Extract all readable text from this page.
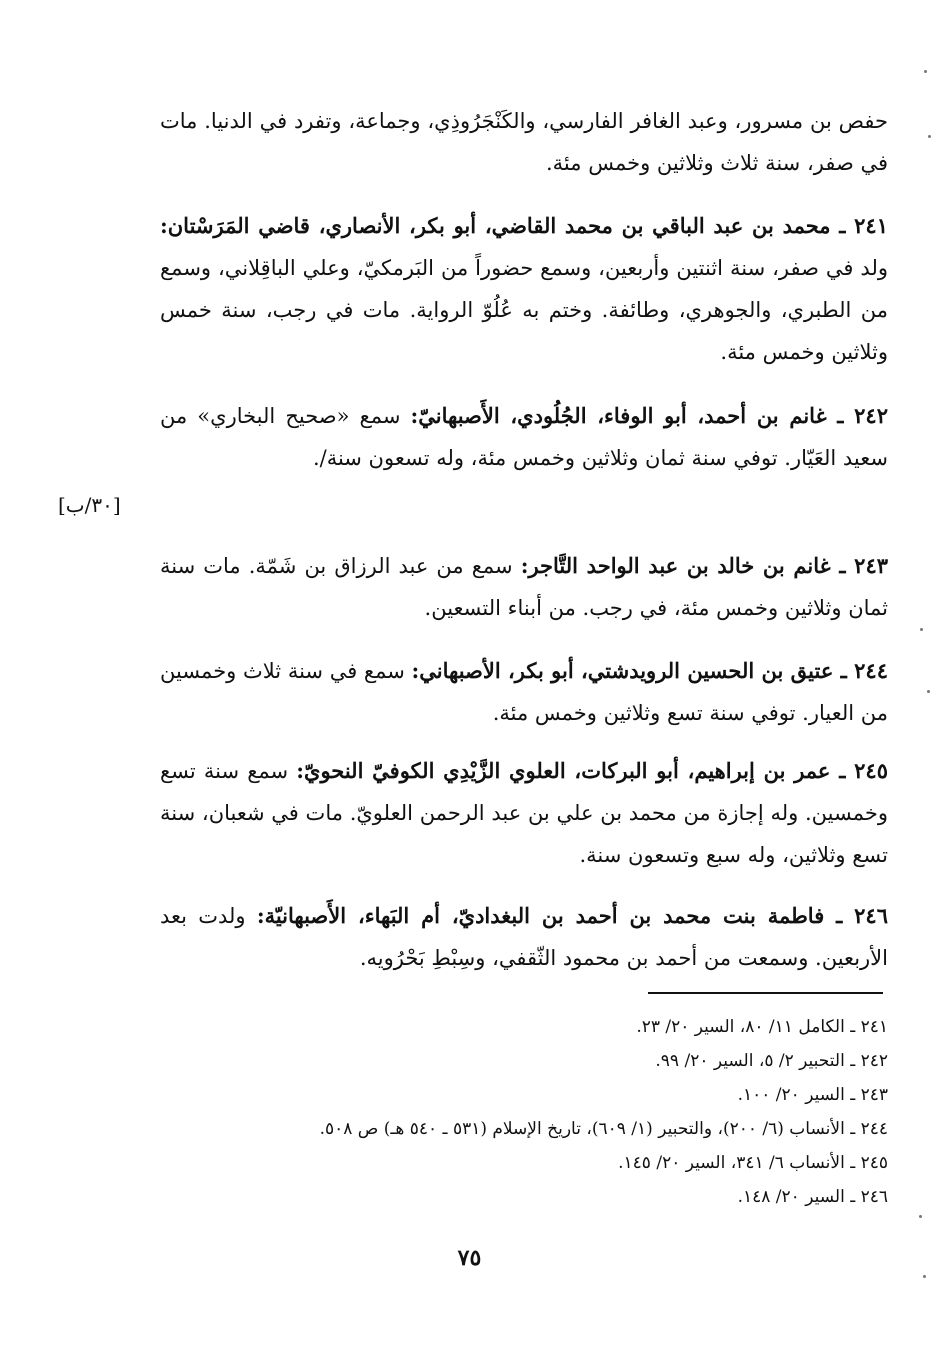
حفص بن مسرور، وعبد الغافر الفارسي، والكَنْجَرُوذِي، وجماعة، وتفرد في الدنيا. مات في صفر، سنة ثلاث وثلاثين وخمس مئة.

٢٤١ ـ محمد بن عبد الباقي بن محمد القاضي، أبو بكر، الأنصاري، قاضي المَرَسْتان: ولد في صفر، سنة اثنتين وأربعين، وسمع حضوراً من البَرمكيّ، وعلي الباقِلاني، وسمع من الطبري، والجوهري، وطائفة. وختم به عُلُوّ الرواية. مات في رجب، سنة خمس وثلاثين وخمس مئة.

٢٤٢ ـ غانم بن أحمد، أبو الوفاء، الجُلُودي، الأَصبهانيّ: سمع «صحيح البخاري» من سعيد العَيّار. توفي سنة ثمان وثلاثين وخمس مئة، وله تسعون سنة/.

[٣٠/ب]

٢٤٣ ـ غانم بن خالد بن عبد الواحد التَّاجر: سمع من عبد الرزاق بن شَمّة. مات سنة ثمان وثلاثين وخمس مئة، في رجب. من أبناء التسعين.

٢٤٤ ـ عتيق بن الحسين الرويدشتي، أبو بكر، الأصبهاني: سمع في سنة ثلاث وخمسين من العيار. توفي سنة تسع وثلاثين وخمس مئة.

٢٤٥ ـ عمر بن إبراهيم، أبو البركات، العلوي الزَّيْدِي الكوفيّ النحويّ: سمع سنة تسع وخمسين. وله إجازة من محمد بن علي بن عبد الرحمن العلويّ. مات في شعبان، سنة تسع وثلاثين، وله سبع وتسعون سنة.

٢٤٦ ـ فاطمة بنت محمد بن أحمد بن البغداديّ، أم البَهاء، الأَصبهانيّة: ولدت بعد الأربعين. وسمعت من أحمد بن محمود الثّقفي، وسِبْطِ بَحْرُويه.

٢٤١ ـ الكامل ١١/ ٨٠، السير ٢٠/ ٢٣.

٢٤٢ ـ التحبير ٢/ ٥، السير ٢٠/ ٩٩.

٢٤٣ ـ السير ٢٠/ ١٠٠.

٢٤٤ ـ الأنساب (٦/ ٢٠٠)، والتحبير (١/ ٦٠٩)، تاريخ الإسلام (٥٣١ ـ ٥٤٠ هـ) ص ٥٠٨.

٢٤٥ ـ الأنساب ٦/ ٣٤١، السير ٢٠/ ١٤٥.

٢٤٦ ـ السير ٢٠/ ١٤٨.

٧٥
